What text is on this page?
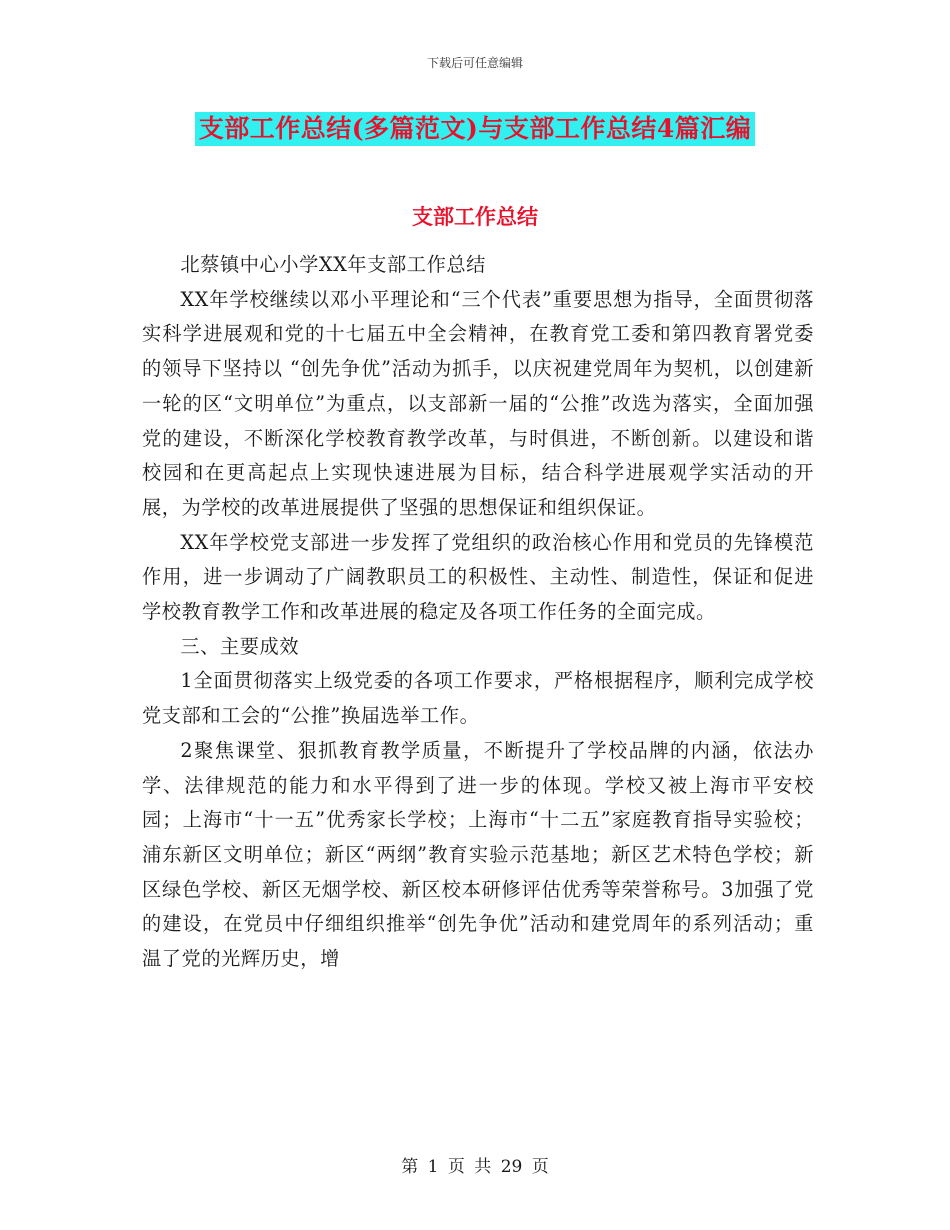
下载后可任意编辑
支部工作总结(多篇范文)与支部工作总结4篇汇编
支部工作总结

北蔡镇中心小学XX年支部工作总结

XX年学校继续以邓小平理论和“三个代表”重要思想为指导，全面贯彻落实科学进展观和党的十七届五中全会精神，在教育党工委和第四教育署党委的领导下坚持以 “创先争优”活动为抓手，以庆祝建党周年为契机，以创建新一轮的区“文明单位”为重点，以支部新一届的“公推”改选为落实，全面加强党的建设，不断深化学校教育教学改革，与时俱进，不断创新。以建设和谐校园和在更高起点上实现快速进展为目标，结合科学进展观学实活动的开展，为学校的改革进展提供了坚强的思想保证和组织保证。

XX年学校党支部进一步发挥了党组织的政治核心作用和党员的先锋模范作用，进一步调动了广阔教职员工的积极性、主动性、制造性，保证和促进学校教育教学工作和改革进展的稳定及各项工作任务的全面完成。

三、主要成效

1全面贯彻落实上级党委的各项工作要求，严格根据程序，顺利完成学校党支部和工会的“公推”换届选举工作。

2聚焦课堂、狠抓教育教学质量，不断提升了学校品牌的内涵，依法办学、法律规范的能力和水平得到了进一步的体现。学校又被上海市平安校园；上海市“十一五”优秀家长学校；上海市“十二五”家庭教育指导实验校；浦东新区文明单位；新区“两纲”教育实验示范基地；新区艺术特色学校；新区绿色学校、新区无烟学校、新区校本研修评估优秀等荣誉称号。3加强了党的建设，在党员中仔细组织推举“创先争优”活动和建党周年的系列活动；重温了党的光辉历史，增

第 1 页 共 29 页
